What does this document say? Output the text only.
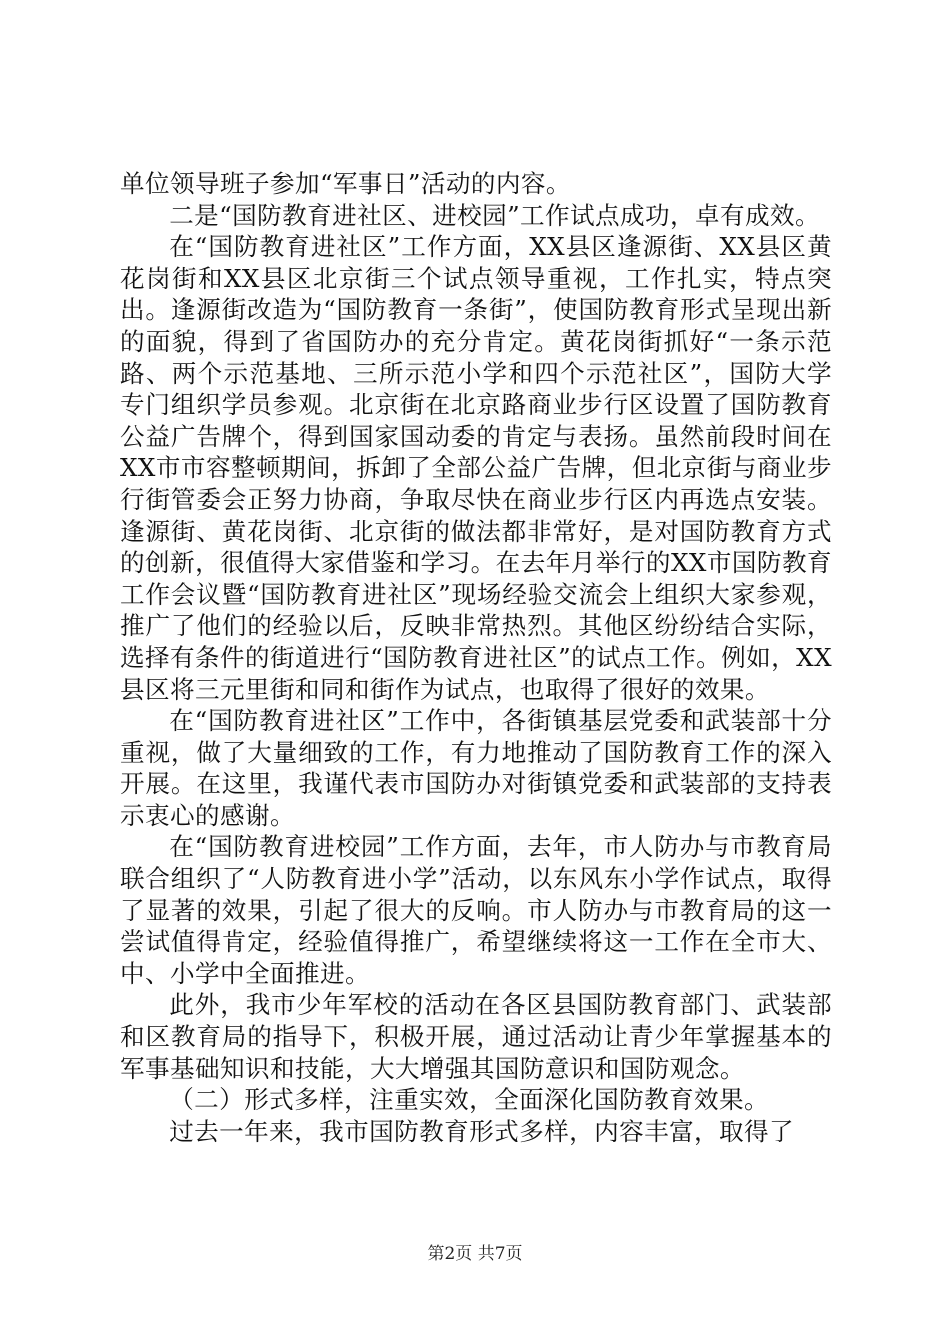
单位领导班子参加“军事日”活动的内容。

二是“国防教育进社区、进校园”工作试点成功，卓有成效。

在“国防教育进社区”工作方面，XX县区逢源街、XX县区黄花岗街和XX县区北京街三个试点领导重视，工作扎实，特点突出。逢源街改造为“国防教育一条街”，使国防教育形式呈现出新的面貌，得到了省国防办的充分肯定。黄花岗街抓好“一条示范路、两个示范基地、三所示范小学和四个示范社区”，国防大学专门组织学员参观。北京街在北京路商业步行区设置了国防教育公益广告牌个，得到国家国动委的肯定与表扬。虽然前段时间在XX市市容整顿期间，拆卸了全部公益广告牌，但北京街与商业步行街管委会正努力协商，争取尽快在商业步行区内再选点安装。逢源街、黄花岗街、北京街的做法都非常好，是对国防教育方式的创新，很值得大家借鉴和学习。在去年月举行的XX市国防教育工作会议暨“国防教育进社区”现场经验交流会上组织大家参观，推广了他们的经验以后，反映非常热烈。其他区纷纷结合实际，选择有条件的街道进行“国防教育进社区”的试点工作。例如，XX县区将三元里街和同和街作为试点，也取得了很好的效果。

在“国防教育进社区”工作中，各街镇基层党委和武装部十分重视，做了大量细致的工作，有力地推动了国防教育工作的深入开展。在这里，我谨代表市国防办对街镇党委和武装部的支持表示衷心的感谢。

在“国防教育进校园”工作方面，去年，市人防办与市教育局联合组织了“人防教育进小学”活动，以东风东小学作试点，取得了显著的效果，引起了很大的反响。市人防办与市教育局的这一尝试值得肯定，经验值得推广，希望继续将这一工作在全市大、中、小学中全面推进。

此外，我市少年军校的活动在各区县国防教育部门、武装部和区教育局的指导下，积极开展，通过活动让青少年掌握基本的军事基础知识和技能，大大增强其国防意识和国防观念。

（二）形式多样，注重实效，全面深化国防教育效果。

过去一年来，我市国防教育形式多样，内容丰富，取得了

第2页 共7页
